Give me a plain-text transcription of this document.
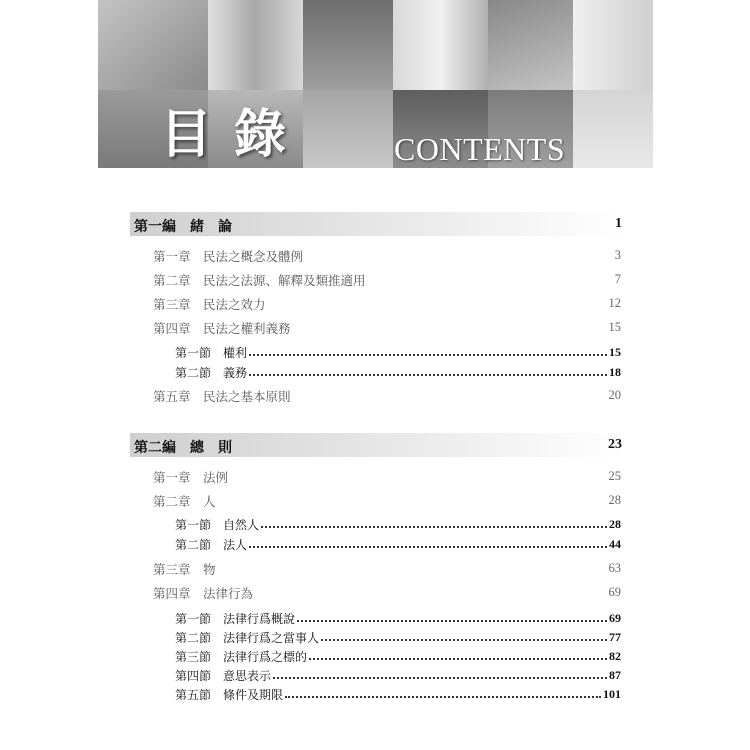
目錄	CONTENTS
第一編　緒　論	1
第一章　民法之概念及體例	3
第二章　民法之法源、解釋及類推適用	7
第三章　民法之效力	12
第四章　民法之權利義務	15
第一節　權利	15
第二節　義務	18
第五章　民法之基本原則	20
第二編　總　則	23
第一章　法例	25
第二章　人	28
第一節　自然人	28
第二節　法人	44
第三章　物	63
第四章　法律行為	69
第一節　法律行爲概說	69
第二節　法律行爲之當事人	77
第三節　法律行爲之標的	82
第四節　意思表示	87
第五節　條件及期限	101
